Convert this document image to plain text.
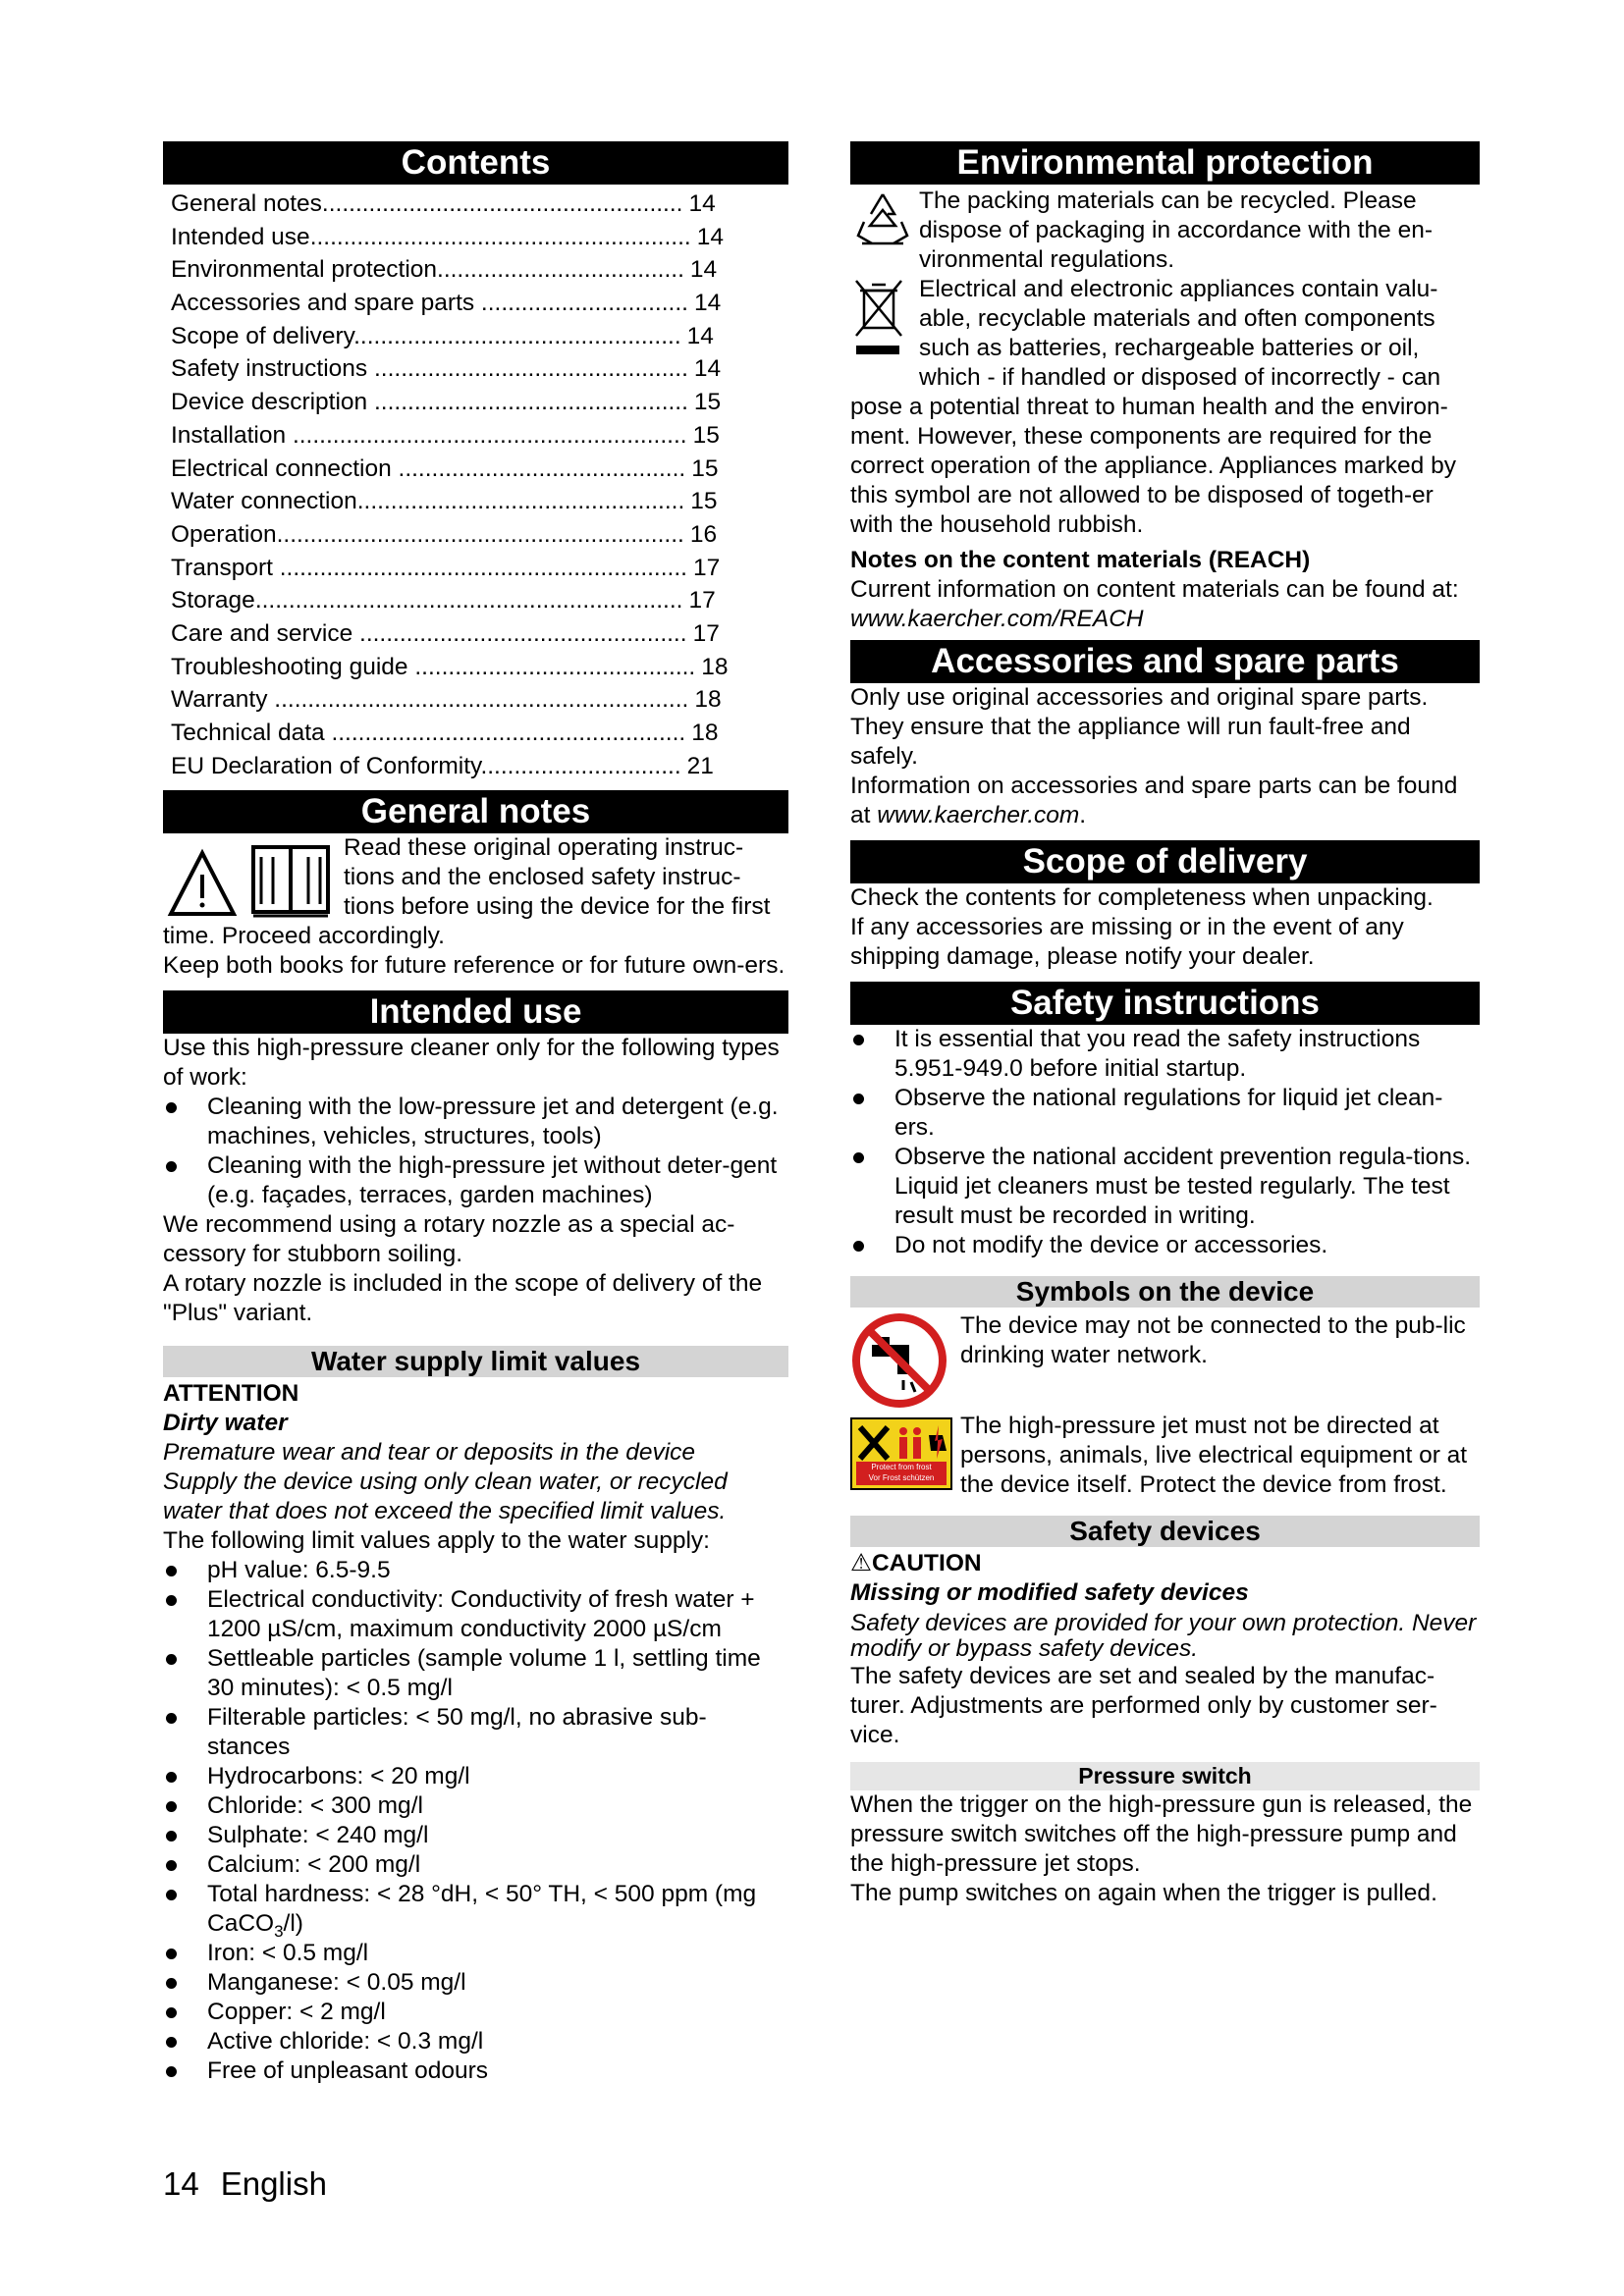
Contents
General notes...................................................... 14
Intended use......................................................... 14
Environmental protection..................................... 14
Accessories and spare parts ............................... 14
Scope of delivery................................................. 14
Safety instructions ............................................... 14
Device description ............................................... 15
Installation ........................................................... 15
Electrical connection ........................................... 15
Water connection................................................. 15
Operation............................................................. 16
Transport ............................................................. 17
Storage................................................................ 17
Care and service ................................................. 17
Troubleshooting guide .......................................... 18
Warranty .............................................................. 18
Technical data ..................................................... 18
EU Declaration of Conformity.............................. 21
General notes

Read these original operating instruc-

tions and the enclosed safety instruc-

tions before using the device for the first

time. Proceed accordingly.

Keep both books for future reference or for future own-ers.

Intended use

Use this high-pressure cleaner only for the following types of work:

Cleaning with the low-pressure jet and detergent (e.g. machines, vehicles, structures, tools)
Cleaning with the high-pressure jet without deter-gent (e.g. façades, terraces, garden machines)

We recommend using a rotary nozzle as a special ac-cessory for stubborn soiling.

A rotary nozzle is included in the scope of delivery of the "Plus" variant.

Water supply limit values

ATTENTION

Dirty water

Premature wear and tear or deposits in the device

Supply the device using only clean water, or recycled water that does not exceed the specified limit values.

The following limit values apply to the water supply:

pH value: 6.5-9.5
Electrical conductivity: Conductivity of fresh water + 1200 µS/cm, maximum conductivity 2000 µS/cm
Settleable particles (sample volume 1 l, settling time 30 minutes): < 0.5 mg/l
Filterable particles: < 50 mg/l, no abrasive sub-stances
Hydrocarbons: < 20 mg/l
Chloride: < 300 mg/l
Sulphate: < 240 mg/l
Calcium: < 200 mg/l
Total hardness: < 28 °dH, < 50° TH, < 500 ppm (mg CaCO$_3$/l)
Iron: < 0.5 mg/l
Manganese: < 0.05 mg/l
Copper: < 2 mg/l
Active chloride: < 0.3 mg/l
Free of unpleasant odours
Environmental protection

The packing materials can be recycled. Please

dispose of packaging in accordance with the en-

vironmental regulations.

Electrical and electronic appliances contain valu-

able, recyclable materials and often components

such as batteries, rechargeable batteries or oil,

which - if handled or disposed of incorrectly - can

pose a potential threat to human health and the environ-ment. However, these components are required for the correct operation of the appliance. Appliances marked by this symbol are not allowed to be disposed of togeth-er with the household rubbish.

Notes on the content materials (REACH)

Current information on content materials can be found at: www.kaercher.com/REACH

Accessories and spare parts

Only use original accessories and original spare parts. They ensure that the appliance will run fault-free and safely.

Information on accessories and spare parts can be found at www.kaercher.com.

Scope of delivery

Check the contents for completeness when unpacking.

If any accessories are missing or in the event of any shipping damage, please notify your dealer.

Safety instructions
It is essential that you read the safety instructions 5.951-949.0 before initial startup.
Observe the national regulations for liquid jet clean-ers.
Observe the national accident prevention regula-tions. Liquid jet cleaners must be tested regularly. The test result must be recorded in writing.
Do not modify the device or accessories.
Symbols on the device

The device may not be connected to the pub-lic drinking water network.

Protect from frost
Vor Frost schützen

The high-pressure jet must not be directed at persons, animals, live electrical equipment or at the device itself. Protect the device from frost.

Safety devices

⚠CAUTION

Missing or modified safety devices

Safety devices are provided for your own protection. Never modify or bypass safety devices.

The safety devices are set and sealed by the manufac-turer. Adjustments are performed only by customer ser-vice.

Pressure switch

When the trigger on the high-pressure gun is released, the pressure switch switches off the high-pressure pump and the high-pressure jet stops.

The pump switches on again when the trigger is pulled.

14 English
